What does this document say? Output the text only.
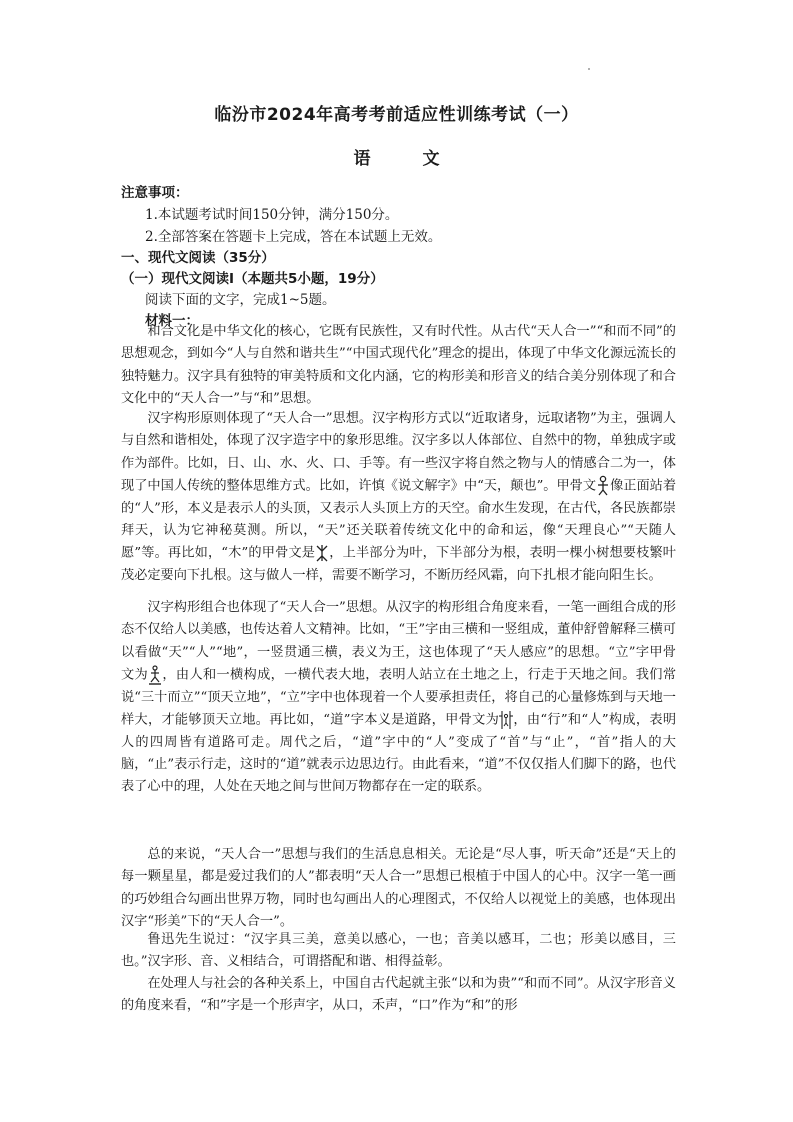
临汾市2024年高考考前适应性训练考试（一）
语文
注意事项：
1.本试题考试时间150分钟，满分150分。
2.全部答案在答题卡上完成，答在本试题上无效。
一、现代文阅读（35分）
（一）现代文阅读Ⅰ（本题共5小题，19分）
阅读下面的文字，完成1~5题。
材料一：

和合文化是中华文化的核心，它既有民族性，又有时代性。从古代“天人合一”“和而不同”的思想观念，到如今“人与自然和谐共生”“中国式现代化”理念的提出，体现了中华文化源远流长的独特魅力。汉字具有独特的审美特质和文化内涵，它的构形美和形音义的结合美分别体现了和合文化中的“天人合一”与“和”思想。

汉字构形原则体现了“天人合一”思想。汉字构形方式以“近取诸身，远取诸物”为主，强调人与自然和谐相处，体现了汉字造字中的象形思维。汉字多以人体部位、自然中的物，单独成字或作为部件。比如，日、山、水、火、口、手等。有一些汉字将自然之物与人的情感合二为一，体现了中国人传统的整体思维方式。比如，许慎《说文解字》中“天，颠也”。甲骨文 像正面站着的“人”形，本义是表示人的头顶，又表示人头顶上方的天空。俞水生发现，在古代，各民族都崇拜天，认为它神秘莫测。所以，“天”还关联着传统文化中的命和运，像“天理良心”“天随人愿”等。再比如，“木”的甲骨文是 ，上半部分为叶，下半部分为根，表明一棵小树想要枝繁叶茂必定要向下扎根。这与做人一样，需要不断学习，不断历经风霜，向下扎根才能向阳生长。

汉字构形组合也体现了“天人合一”思想。从汉字的构形组合角度来看，一笔一画组合成的形态不仅给人以美感，也传达着人文精神。比如，“王”字由三横和一竖组成，董仲舒曾解释三横可以看做“天”“人”“地”，一竖贯通三横，表义为王，这也体现了“天人感应”的思想。“立”字甲骨文为 ，由人和一横构成，一横代表大地，表明人站立在土地之上，行走于天地之间。我们常说“三十而立”“顶天立地”，“立”字中也体现着一个人要承担责任，将自己的心量修炼到与天地一样大，才能够顶天立地。再比如，“道”字本义是道路，甲骨文为 ，由“行”和“人”构成，表明人的四周皆有道路可走。周代之后，“道”字中的“人”变成了“首”与“止”，“首”指人的大脑，“止”表示行走，这时的“道”就表示边思边行。由此看来，“道”不仅仅指人们脚下的路，也代表了心中的理，人处在天地之间与世间万物都存在一定的联系。

总的来说，“天人合一”思想与我们的生活息息相关。无论是“尽人事，听天命”还是“天上的每一颗星星，都是爱过我们的人”都表明“天人合一”思想已根植于中国人的心中。汉字一笔一画的巧妙组合勾画出世界万物，同时也勾画出人的心理图式，不仅给人以视觉上的美感，也体现出汉字“形美”下的“天人合一”。

鲁迅先生说过：“汉字具三美，意美以感心，一也；音美以感耳，二也；形美以感目，三也。”汉字形、音、义相结合，可谓搭配和谐、相得益彰。

在处理人与社会的各种关系上，中国自古代起就主张“以和为贵”“和而不同”。从汉字形音义的角度来看，“和”字是一个形声字，从口，禾声，“口”作为“和”的形
